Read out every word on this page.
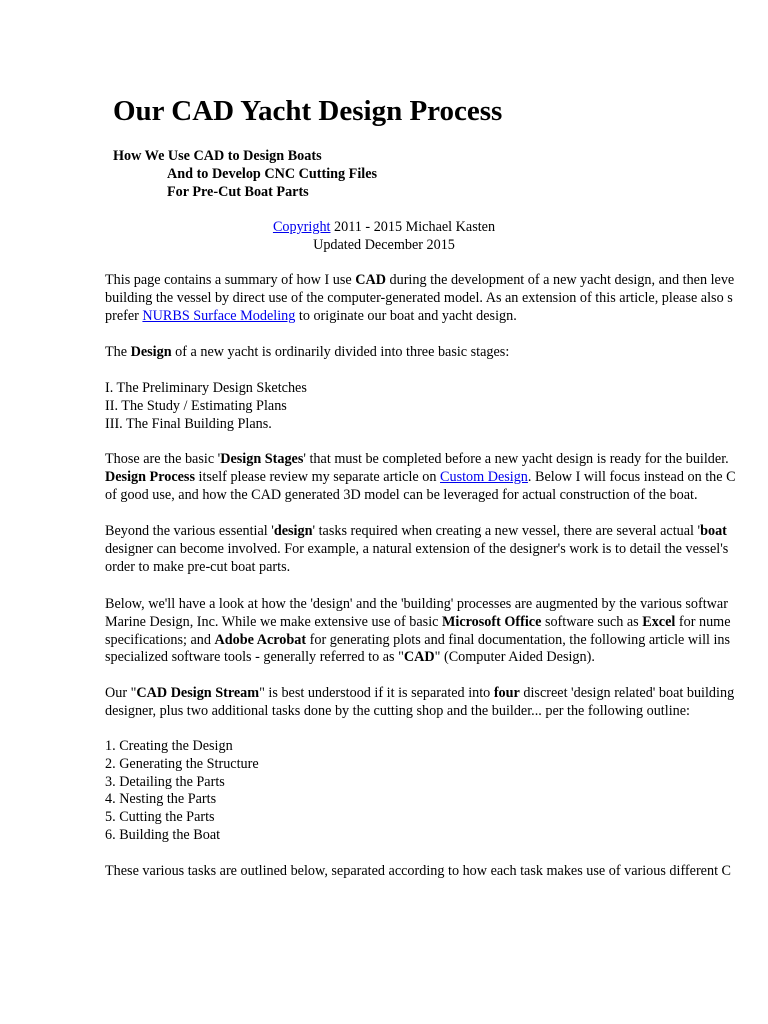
Our CAD Yacht Design Process
How We Use CAD to Design Boats
And to Develop CNC Cutting Files
For Pre-Cut Boat Parts
Copyright 2011 - 2015 Michael Kasten
Updated December 2015
This page contains a summary of how I use CAD during the development of a new yacht design, and then leve
building the vessel by direct use of the computer-generated model. As an extension of this article, please also s
prefer NURBS Surface Modeling to originate our boat and yacht design.
The Design of a new yacht is ordinarily divided into three basic stages:
I. The Preliminary Design Sketches
II. The Study / Estimating Plans
III. The Final Building Plans.
Those are the basic 'Design Stages' that must be completed before a new yacht design is ready for the builder.
Design Process itself please review my separate article on Custom Design. Below I will focus instead on the C
of good use, and how the CAD generated 3D model can be leveraged for actual construction of the boat.
Beyond the various essential 'design' tasks required when creating a new vessel, there are several actual 'boat
designer can become involved. For example, a natural extension of the designer's work is to detail the vessel's
order to make pre-cut boat parts.
Below, we'll have a look at how the 'design' and the 'building' processes are augmented by the various softwar
Marine Design, Inc. While we make extensive use of basic Microsoft Office software such as Excel for nume
specifications; and Adobe Acrobat for generating plots and final documentation, the following article will ins
specialized software tools - generally referred to as "CAD" (Computer Aided Design).
Our "CAD Design Stream" is best understood if it is separated into four discreet 'design related' boat building
designer, plus two additional tasks done by the cutting shop and the builder... per the following outline:
1. Creating the Design
2. Generating the Structure
3. Detailing the Parts
4. Nesting the Parts
5. Cutting the Parts
6. Building the Boat
These various tasks are outlined below, separated according to how each task makes use of various different C
